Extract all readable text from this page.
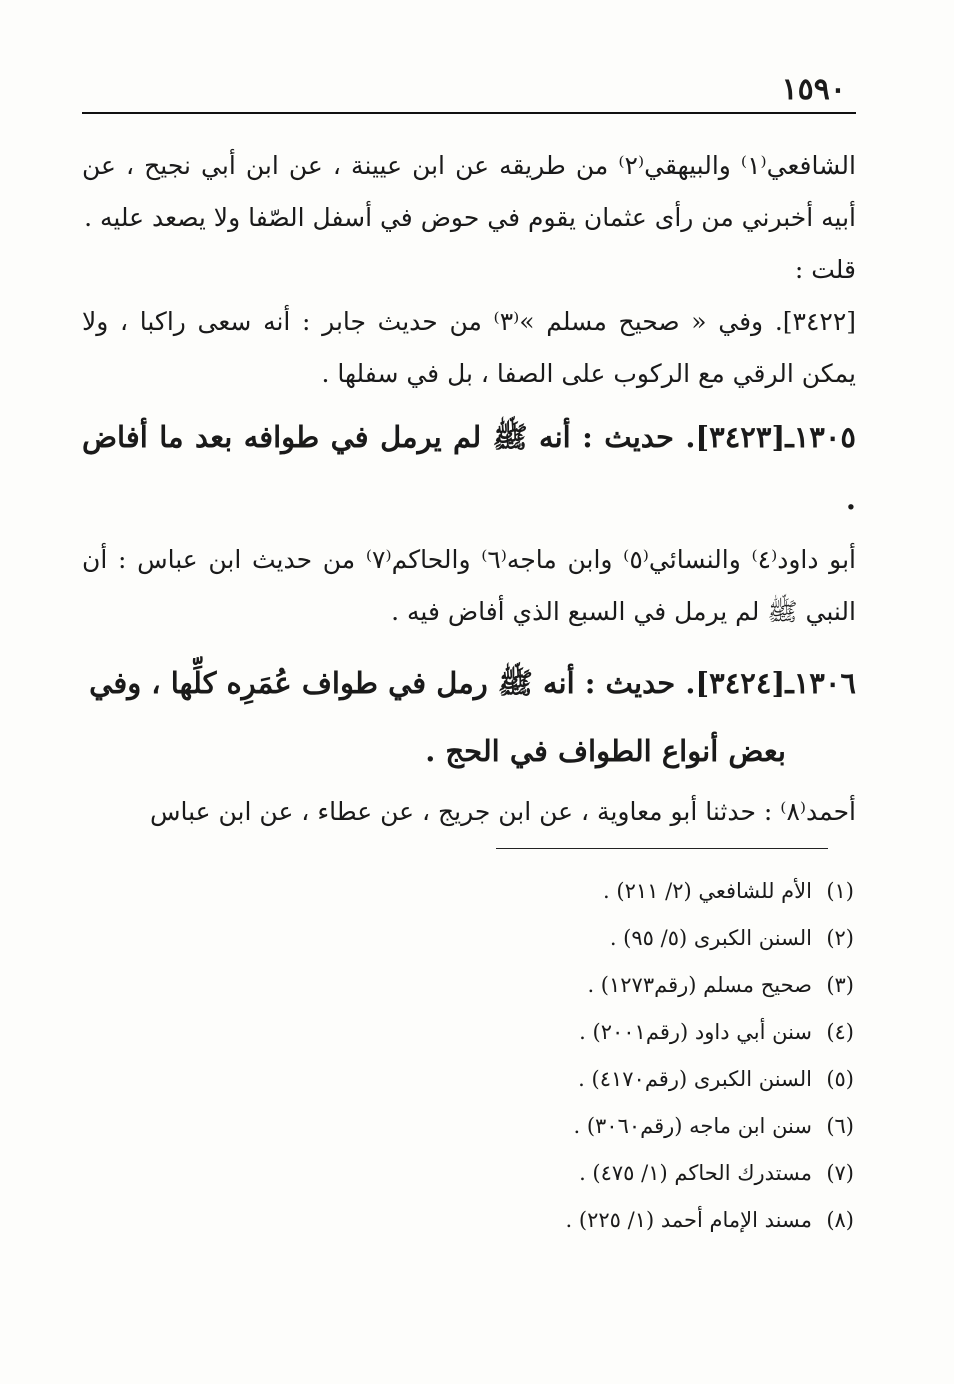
١٥٩٠

الشافعي⁽١⁾ والبيهقي⁽٢⁾ من طريقه عن ابن عيينة ، عن ابن أبي نجيح ، عن أبيه أخبرني من رأى عثمان يقوم في حوض في أسفل الصّفا ولا يصعد عليه .

قلت :

[٣٤٢٢]. وفي « صحيح مسلم »⁽٣⁾ من حديث جابر : أنه سعى راكبا ، ولا يمكن الرقي مع الركوب على الصفا ، بل في سفلها .

١٣٠٥ـ[٣٤٢٣]. حديث : أنه ﷺ لم يرمل في طوافه بعد ما أفاض .

أبو داود⁽٤⁾ والنسائي⁽٥⁾ وابن ماجه⁽٦⁾ والحاكم⁽٧⁾ من حديث ابن عباس : أن النبي ﷺ لم يرمل في السبع الذي أفاض فيه .

١٣٠٦ـ[٣٤٢٤]. حديث : أنه ﷺ رمل في طواف عُمَرِه كلِّها ، وفي

بعض أنواع الطواف في الحج .

أحمد⁽٨⁾ : حدثنا أبو معاوية ، عن ابن جريج ، عن عطاء ، عن ابن عباس

(١)الأم للشافعي (٢/ ٢١١) .
(٢)السنن الكبرى (٥/ ٩٥) .
(٣)صحيح مسلم (رقم١٢٧٣) .
(٤)سنن أبي داود (رقم٢٠٠١) .
(٥)السنن الكبرى (رقم٤١٧٠) .
(٦)سنن ابن ماجه (رقم٣٠٦٠) .
(٧)مستدرك الحاكم (١/ ٤٧٥) .
(٨)مسند الإمام أحمد (١/ ٢٢٥) .
